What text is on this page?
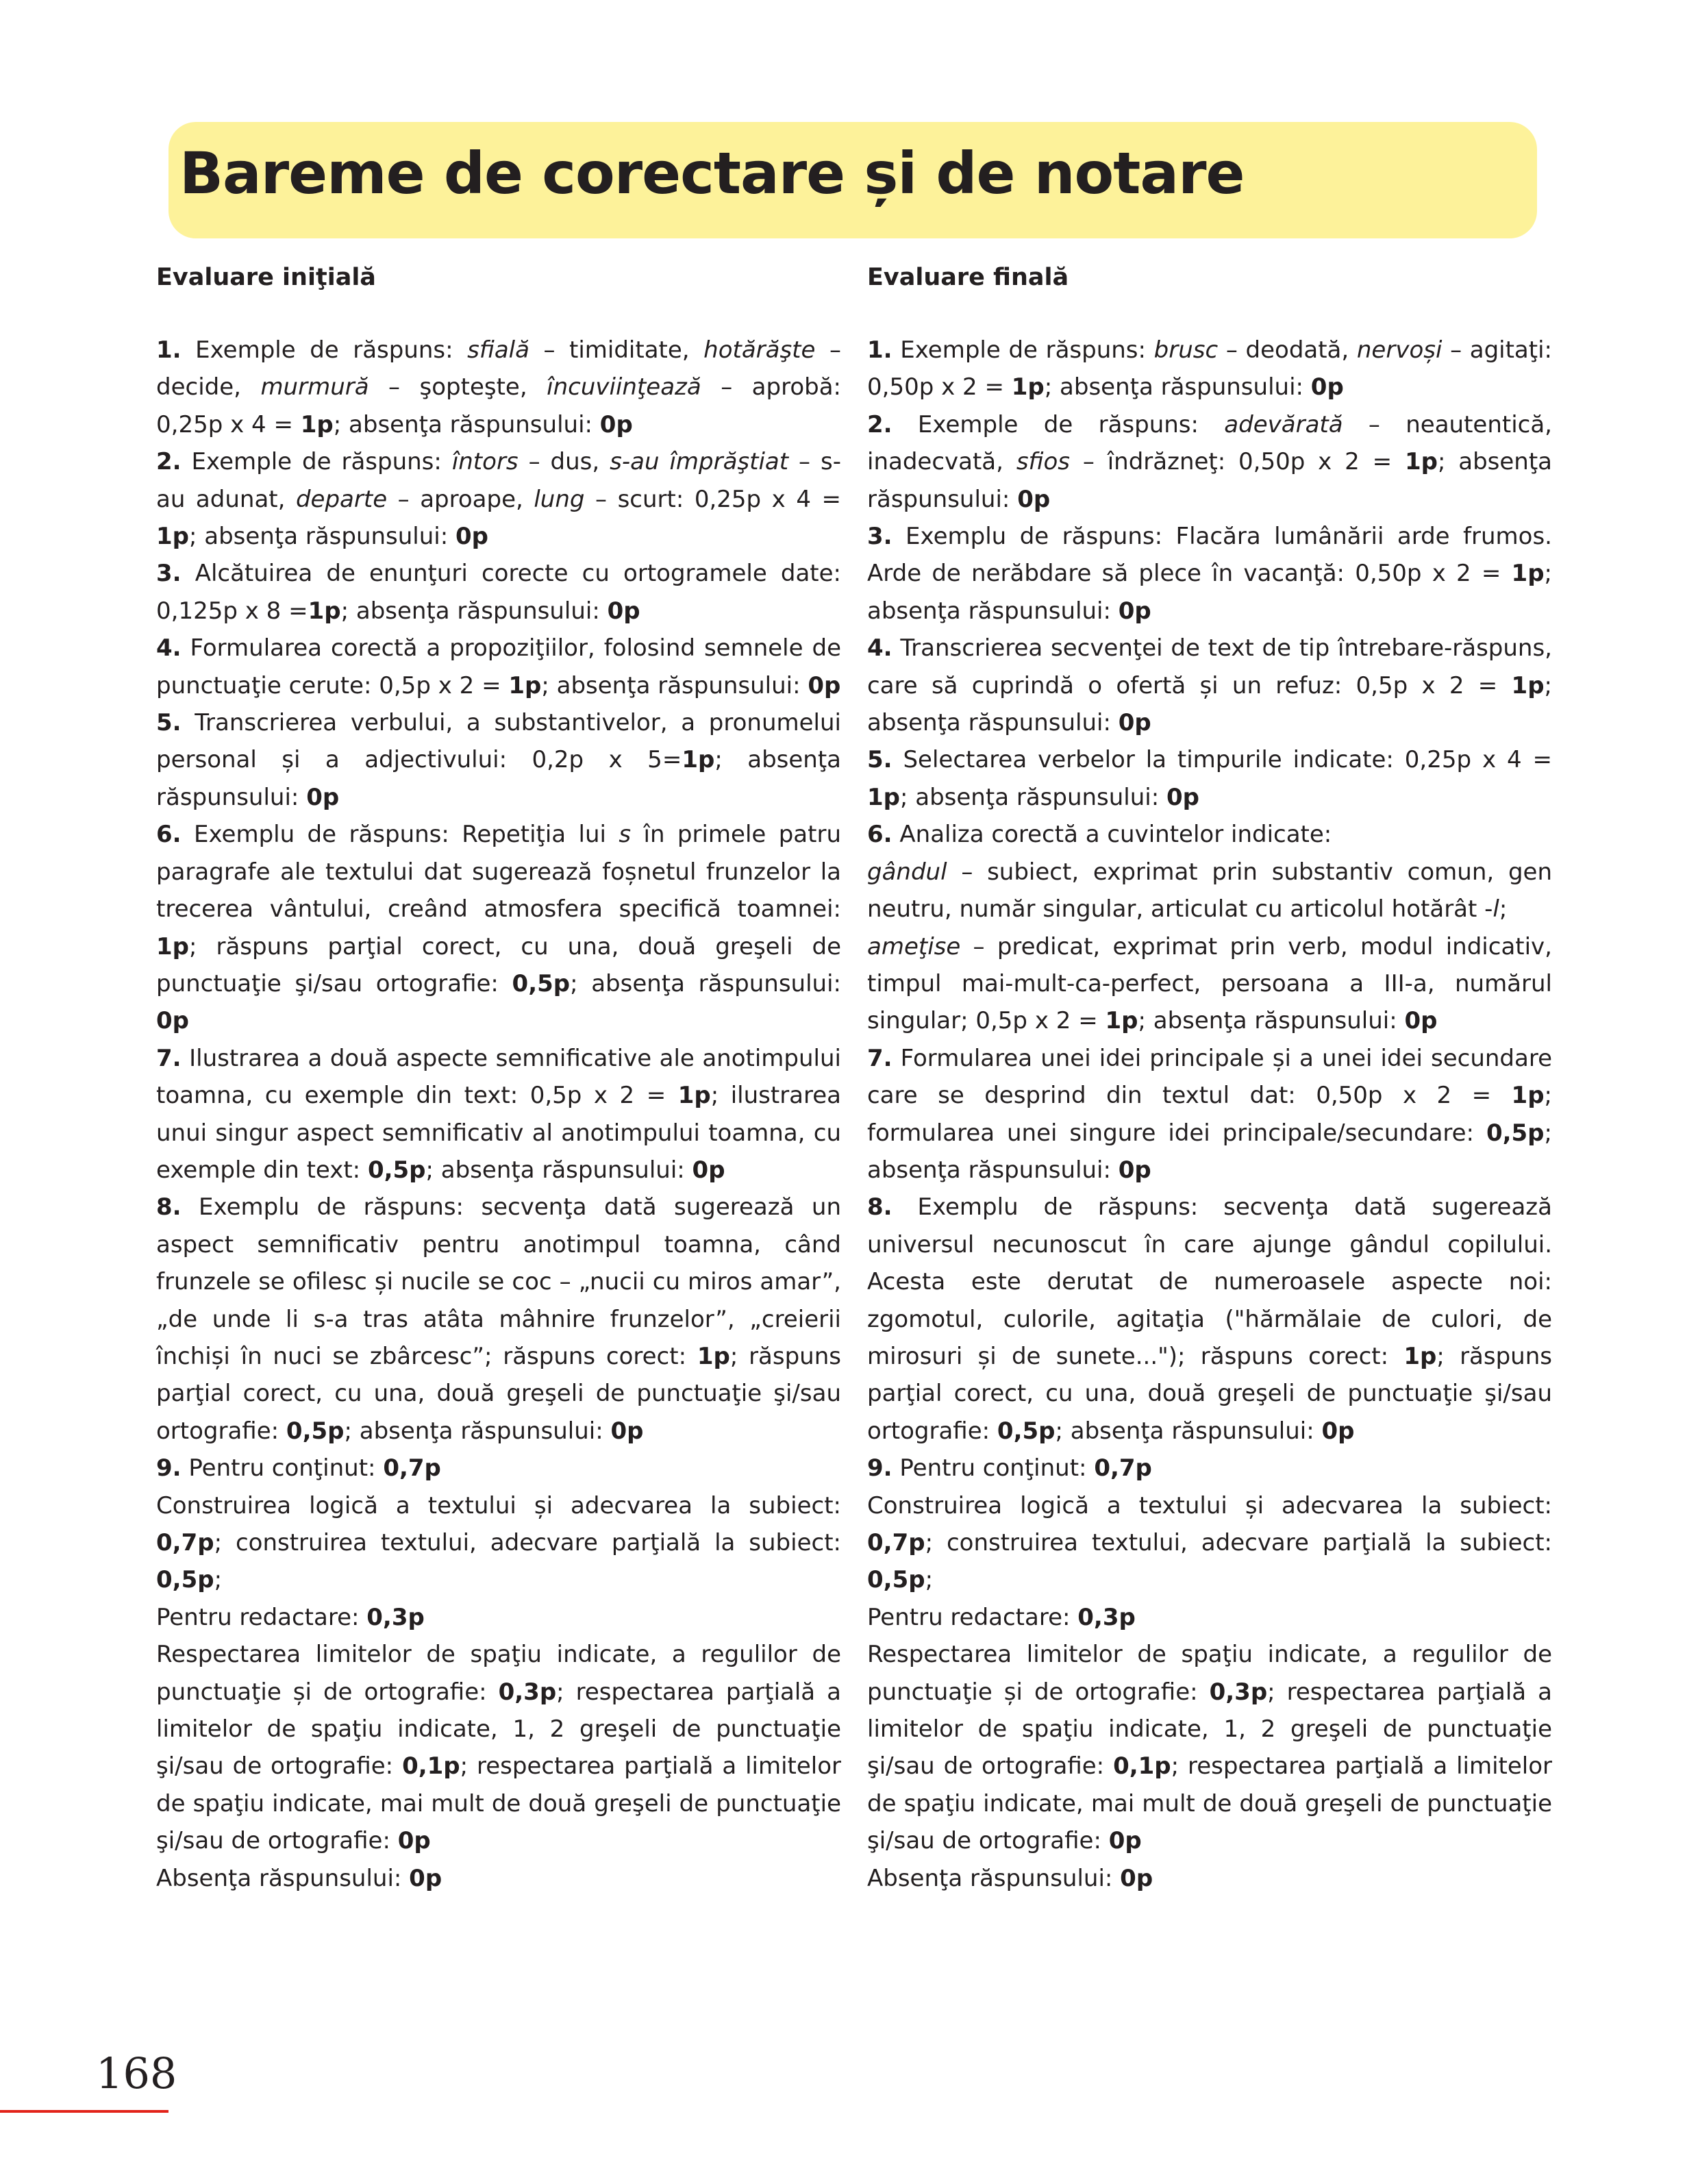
Bareme de corectare și de notare
Evaluare iniţială

1. Exemple de răspuns: sfială – timiditate, hotărăşte – decide, murmură – şopteşte, încuviinţează – aprobă: 0,25p x 4 = 1p; absenţa răspunsului: 0p

2. Exemple de răspuns: întors – dus, s-au împrăştiat – s-au adunat, departe – aproape, lung – scurt: 0,25p x 4 = 1p; absenţa răspunsului: 0p

3. Alcătuirea de enunţuri corecte cu ortogramele date: 0,125p x 8 =1p; absenţa răspunsului: 0p

4. Formularea corectă a propoziţiilor, folosind semnele de punctuaţie cerute: 0,5p x 2 = 1p; absenţa răspunsului: 0p

5. Transcrierea verbului, a substantivelor, a pronumelui personal și a adjectivului: 0,2p x 5=1p; absenţa răspunsului: 0p

6. Exemplu de răspuns: Repetiţia lui s în primele patru paragrafe ale textului dat sugerează foșnetul frunzelor la trecerea vântului, creând atmosfera specifică toamnei: 1p; răspuns parţial corect, cu una, două greşeli de punctuaţie şi/sau ortografie: 0,5p; absenţa răspunsului: 0p

7. Ilustrarea a două aspecte semnificative ale anotimpului toamna, cu exemple din text: 0,5p x 2 = 1p; ilustrarea unui singur aspect semnificativ al anotimpului toamna, cu exemple din text: 0,5p; absenţa răspunsului: 0p

8. Exemplu de răspuns: secvenţa dată sugerează un aspect semnificativ pentru anotimpul toamna, când frunzele se ofilesc și nucile se coc – „nucii cu miros amar”, „de unde li s-a tras atâta mâhnire frunzelor”, „creierii închiși în nuci se zbârcesc”; răspuns corect: 1p; răspuns parţial corect, cu una, două greşeli de punctuaţie şi/sau ortografie: 0,5p; absenţa răspunsului: 0p

9. Pentru conţinut: 0,7p

Construirea logică a textului și adecvarea la subiect: 0,7p; construirea textului, adecvare parţială la subiect: 0,5p;

Pentru redactare: 0,3p

Respectarea limitelor de spaţiu indicate, a regulilor de punctuaţie și de ortografie: 0,3p; respectarea parţială a limitelor de spaţiu indicate, 1, 2 greşeli de punctuaţie şi/sau de ortografie: 0,1p; respectarea parţială a limitelor de spaţiu indicate, mai mult de două greşeli de punctuaţie şi/sau de ortografie: 0p

Absenţa răspunsului: 0p

Evaluare finală

1. Exemple de răspuns: brusc – deodată, nervoși – agitaţi: 0,50p x 2 = 1p; absenţa răspunsului: 0p

2. Exemple de răspuns: adevărată – neautentică, inadecvată, sfios – îndrăzneţ: 0,50p x 2 = 1p; absenţa răspunsului: 0p

3. Exemplu de răspuns: Flacăra lumânării arde frumos. Arde de nerăbdare să plece în vacanţă: 0,50p x 2 = 1p; absenţa răspunsului: 0p

4. Transcrierea secvenţei de text de tip întrebare-răspuns, care să cuprindă o ofertă și un refuz: 0,5p x 2 = 1p; absenţa răspunsului: 0p

5. Selectarea verbelor la timpurile indicate: 0,25p x 4 = 1p; absenţa răspunsului: 0p

6. Analiza corectă a cuvintelor indicate:

gândul – subiect, exprimat prin substantiv comun, gen neutru, număr singular, articulat cu articolul hotărât -l;

ameţise – predicat, exprimat prin verb, modul indicativ, timpul mai-mult-ca-perfect, persoana a III-a, numărul singular; 0,5p x 2 = 1p; absenţa răspunsului: 0p

7. Formularea unei idei principale și a unei idei secundare care se desprind din textul dat: 0,50p x 2 = 1p; formularea unei singure idei principale/secundare: 0,5p; absenţa răspunsului: 0p

8. Exemplu de răspuns: secvenţa dată sugerează universul necunoscut în care ajunge gândul copilului. Acesta este derutat de numeroasele aspecte noi: zgomotul, culorile, agitaţia ("hărmălaie de culori, de mirosuri și de sunete..."); răspuns corect: 1p; răspuns parţial corect, cu una, două greşeli de punctuaţie şi/sau ortografie: 0,5p; absenţa răspunsului: 0p

9. Pentru conţinut: 0,7p

Construirea logică a textului și adecvarea la subiect: 0,7p; construirea textului, adecvare parţială la subiect: 0,5p;

Pentru redactare: 0,3p

Respectarea limitelor de spaţiu indicate, a regulilor de punctuaţie și de ortografie: 0,3p; respectarea parţială a limitelor de spaţiu indicate, 1, 2 greşeli de punctuaţie şi/sau de ortografie: 0,1p; respectarea parţială a limitelor de spaţiu indicate, mai mult de două greşeli de punctuaţie şi/sau de ortografie: 0p

Absenţa răspunsului: 0p

168
